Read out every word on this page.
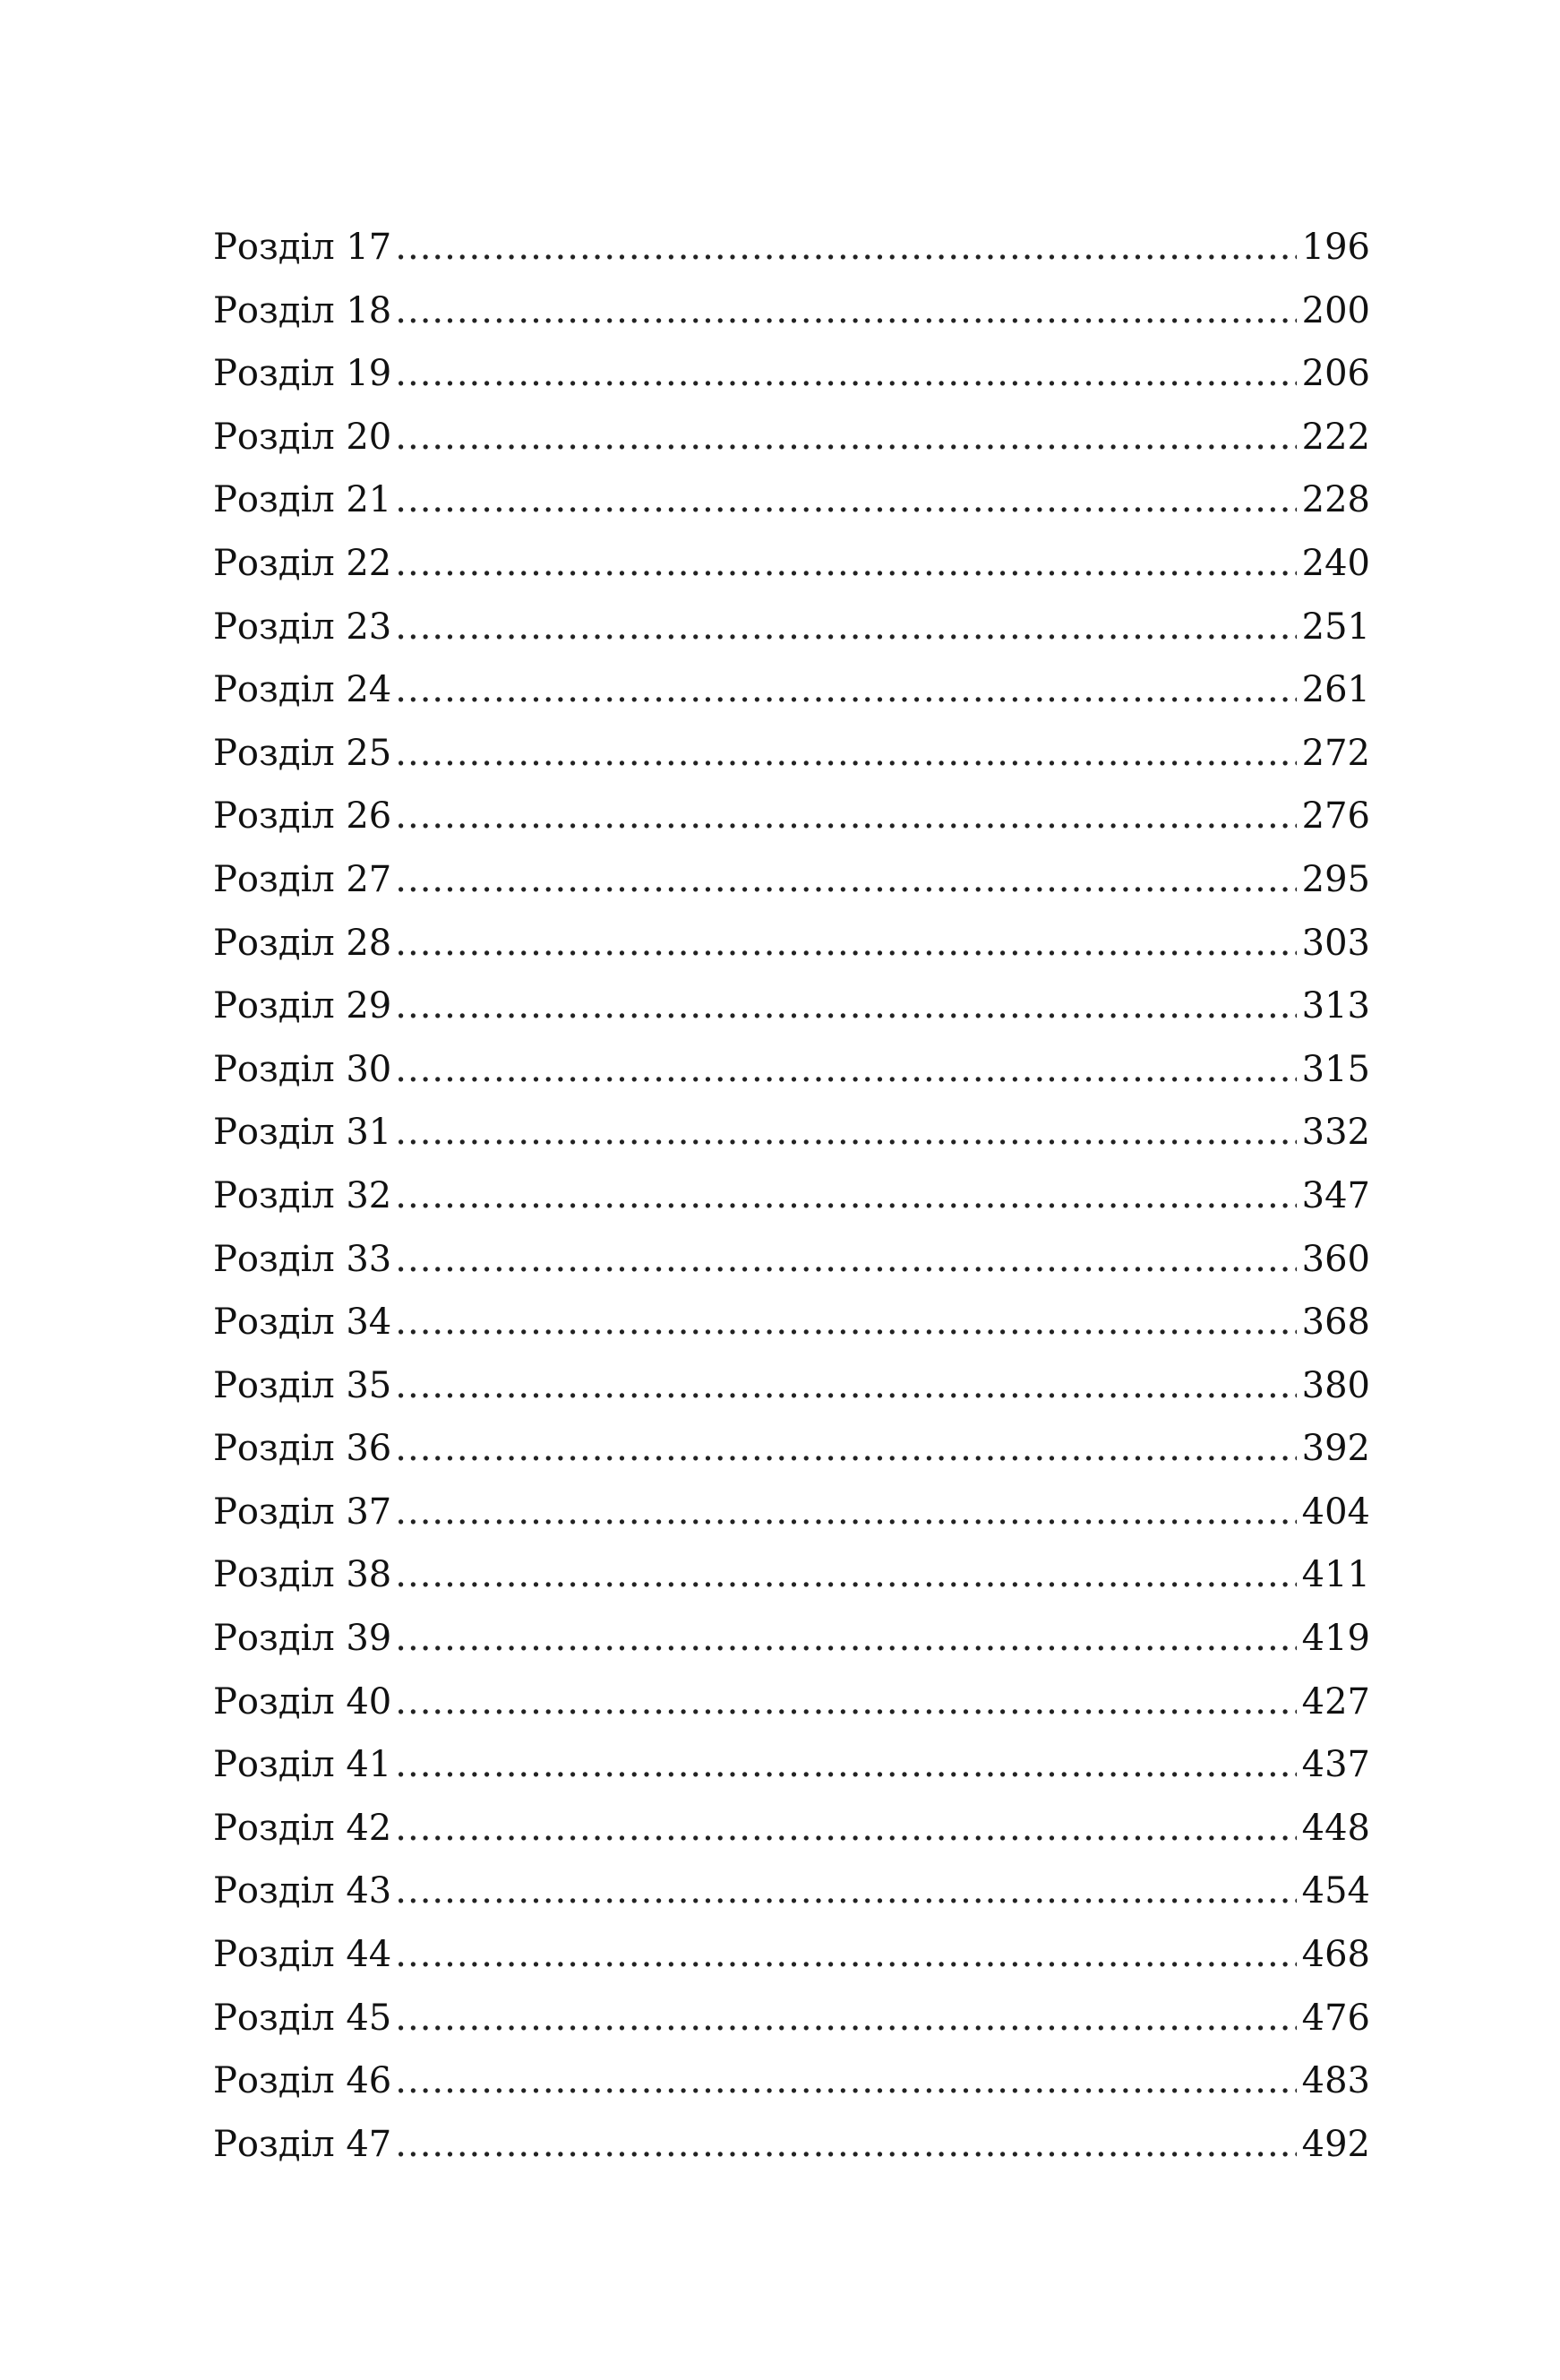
Розділ 17 .....	196
Розділ 18 .....	200
Розділ 19 .....	206
Розділ 20 .....	222
Розділ 21 .....	228
Розділ 22 .....	240
Розділ 23 .....	251
Розділ 24 .....	261
Розділ 25 .....	272
Розділ 26 .....	276
Розділ 27 .....	295
Розділ 28 .....	303
Розділ 29 .....	313
Розділ 30 .....	315
Розділ 31 .....	332
Розділ 32 .....	347
Розділ 33 .....	360
Розділ 34 .....	368
Розділ 35 .....	380
Розділ 36 .....	392
Розділ 37 .....	404
Розділ 38 .....	411
Розділ 39 .....	419
Розділ 40 .....	427
Розділ 41 .....	437
Розділ 42 .....	448
Розділ 43 .....	454
Розділ 44 .....	468
Розділ 45 .....	476
Розділ 46 .....	483
Розділ 47 .....	492
